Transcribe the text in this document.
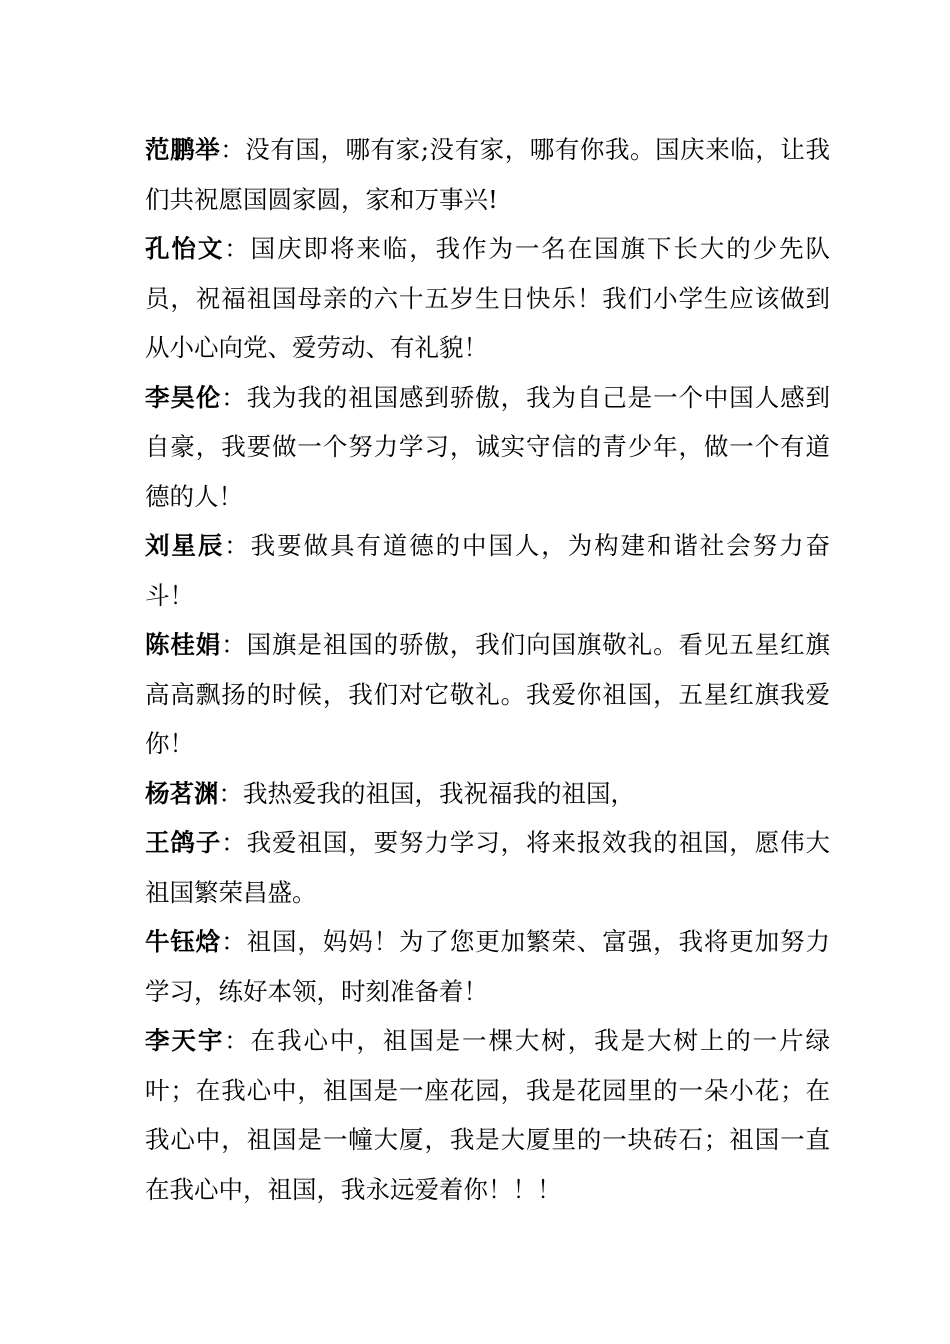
范鹏举：没有国，哪有家;没有家，哪有你我。国庆来临，让我们共祝愿国圆家圆，家和万事兴!

孔怡文：国庆即将来临，我作为一名在国旗下长大的少先队员，祝福祖国母亲的六十五岁生日快乐！我们小学生应该做到从小心向党、爱劳动、有礼貌！

李昊伦：我为我的祖国感到骄傲，我为自己是一个中国人感到自豪，我要做一个努力学习，诚实守信的青少年，做一个有道德的人！

刘星辰：我要做具有道德的中国人，为构建和谐社会努力奋斗！

陈桂娟：国旗是祖国的骄傲，我们向国旗敬礼。看见五星红旗高高飘扬的时候，我们对它敬礼。我爱你祖国，五星红旗我爱你！

杨茗渊：我热爱我的祖国，我祝福我的祖国，

王鸽子：我爱祖国，要努力学习，将来报效我的祖国，愿伟大祖国繁荣昌盛。

牛钰焓：祖国，妈妈！为了您更加繁荣、富强，我将更加努力学习，练好本领，时刻准备着！

李天宇：在我心中，祖国是一棵大树，我是大树上的一片绿叶；在我心中，祖国是一座花园，我是花园里的一朵小花；在我心中，祖国是一幢大厦，我是大厦里的一块砖石；祖国一直在我心中，祖国，我永远爱着你！！！
